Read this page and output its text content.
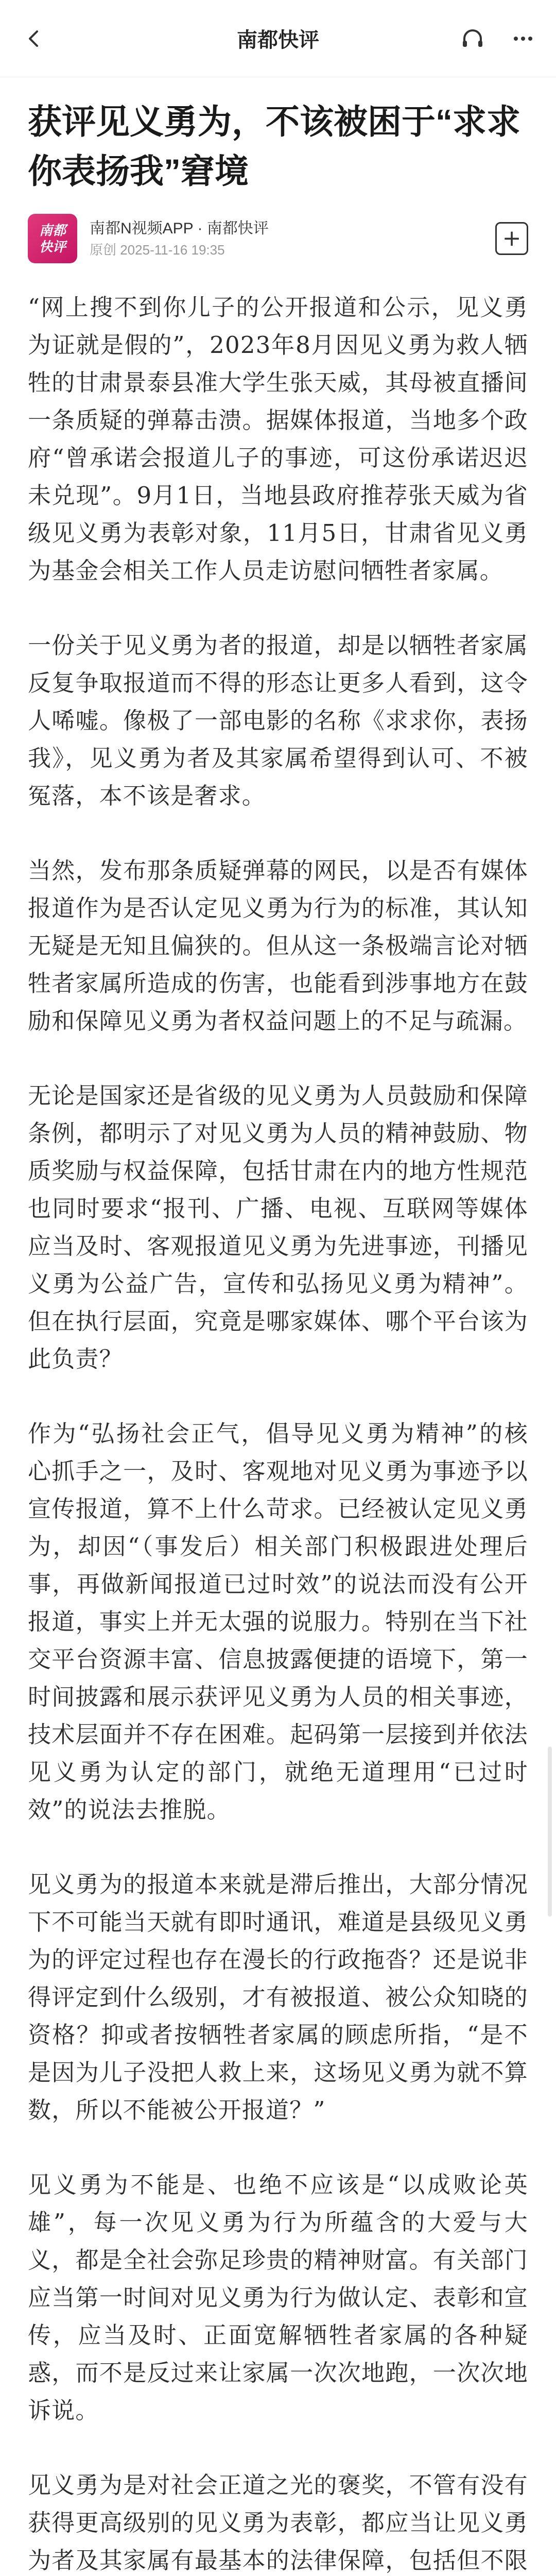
南都快评
获评见义勇为，不该被困于“求求你表扬我”窘境
南都
快评
南都N视频APP · 南都快评
原创 2025-11-16 19:35	+

“网上搜不到你儿子的公开报道和公示，见义勇为证就是假的”，2023年8月因见义勇为救人牺牲的甘肃景泰县准大学生张天威，其母被直播间一条质疑的弹幕击溃。据媒体报道，当地多个政府“曾承诺会报道儿子的事迹，可这份承诺迟迟未兑现”。9月1日，当地县政府推荐张天威为省级见义勇为表彰对象，11月5日，甘肃省见义勇为基金会相关工作人员走访慰问牺牲者家属。

一份关于见义勇为者的报道，却是以牺牲者家属反复争取报道而不得的形态让更多人看到，这令人唏嘘。像极了一部电影的名称《求求你，表扬我》，见义勇为者及其家属希望得到认可、不被冤落，本不该是奢求。

当然，发布那条质疑弹幕的网民，以是否有媒体报道作为是否认定见义勇为行为的标准，其认知无疑是无知且偏狭的。但从这一条极端言论对牺牲者家属所造成的伤害，也能看到涉事地方在鼓励和保障见义勇为者权益问题上的不足与疏漏。

无论是国家还是省级的见义勇为人员鼓励和保障条例，都明示了对见义勇为人员的精神鼓励、物质奖励与权益保障，包括甘肃在内的地方性规范也同时要求“报刊、广播、电视、互联网等媒体应当及时、客观报道见义勇为先进事迹，刊播见义勇为公益广告，宣传和弘扬见义勇为精神”。但在执行层面，究竟是哪家媒体、哪个平台该为此负责？

作为“弘扬社会正气，倡导见义勇为精神”的核心抓手之一，及时、客观地对见义勇为事迹予以宣传报道，算不上什么苛求。已经被认定见义勇为，却因“（事发后）相关部门积极跟进处理后事，再做新闻报道已过时效”的说法而没有公开报道，事实上并无太强的说服力。特别在当下社交平台资源丰富、信息披露便捷的语境下，第一时间披露和展示获评见义勇为人员的相关事迹，技术层面并不存在困难。起码第一层接到并依法见义勇为认定的部门，就绝无道理用“已过时效”的说法去推脱。

见义勇为的报道本来就是滞后推出，大部分情况下不可能当天就有即时通讯，难道是县级见义勇为的评定过程也存在漫长的行政拖沓？还是说非得评定到什么级别，才有被报道、被公众知晓的资格？抑或者按牺牲者家属的顾虑所指，“是不是因为儿子没把人救上来，这场见义勇为就不算数，所以不能被公开报道？”

见义勇为不能是、也绝不应该是“以成败论英雄”，每一次见义勇为行为所蕴含的大爱与大义，都是全社会弥足珍贵的精神财富。有关部门应当第一时间对见义勇为行为做认定、表彰和宣传，应当及时、正面宽解牺牲者家属的各种疑惑，而不是反过来让家属一次次地跑，一次次地诉说。

见义勇为是对社会正道之光的褒奖，不管有没有获得更高级别的见义勇为表彰，都应当让见义勇为者及其家属有最基本的法律保障，包括但不限
